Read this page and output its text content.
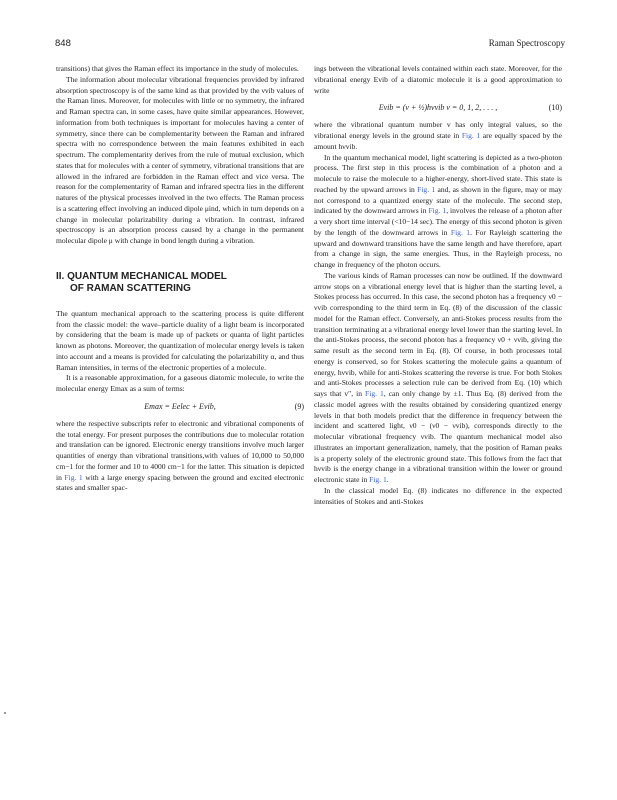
848	Raman Spectroscopy

transitions) that gives the Raman effect its importance in the study of molecules.

The information about molecular vibrational frequencies provided by infrared absorption spectroscopy is of the same kind as that provided by the νvib values of the Raman lines. Moreover, for molecules with little or no symmetry, the infrared and Raman spectra can, in some cases, have quite similar appearances. However, information from both techniques is important for molecules having a center of symmetry, since there can be complementarity between the Raman and infrared spectra with no correspondence between the main features exhibited in each spectrum. The complementarity derives from the rule of mutual exclusion, which states that for molecules with a center of symmetry, vibrational transitions that are allowed in the infrared are forbidden in the Raman effect and vice versa. The reason for the complementarity of Raman and infrared spectra lies in the different natures of the physical processes involved in the two effects. The Raman process is a scattering effect involving an induced dipole μind, which in turn depends on a change in molecular polarizability during a vibration. In contrast, infrared spectroscopy is an absorption process caused by a change in the permanent molecular dipole μ with change in bond length during a vibration.

II. QUANTUM MECHANICAL MODEL
OF RAMAN SCATTERING

The quantum mechanical approach to the scattering process is quite different from the classic model: the wave–particle duality of a light beam is incorporated by considering that the beam is made up of packets or quanta of light particles known as photons. Moreover, the quantization of molecular energy levels is taken into account and a means is provided for calculating the polarizability α, and thus Raman intensities, in terms of the electronic properties of a molecule.

It is a reasonable approximation, for a gaseous diatomic molecule, to write the molecular energy Emax as a sum of terms:

Emax = Eelec + Evib,	(9)

where the respective subscripts refer to electronic and vibrational components of the total energy. For present purposes the contributions due to molecular rotation and translation can be ignored. Electronic energy transitions involve much larger quantities of energy than vibrational transitions,with values of 10,000 to 50,000 cm−1 for the former and 10 to 4000 cm−1 for the latter. This situation is depicted in Fig. 1 with a large energy spacing between the ground and excited electronic states and smaller spac-

ings between the vibrational levels contained within each state. Moreover, for the vibrational energy Evib of a diatomic molecule it is a good approximation to write

Evib = (v + ½)hνvib v = 0, 1, 2, . . . ,	(10)

where the vibrational quantum number v has only integral values, so the vibrational energy levels in the ground state in Fig. 1 are equally spaced by the amount hνvib.

In the quantum mechanical model, light scattering is depicted as a two-photon process. The first step in this process is the combination of a photon and a molecule to raise the molecule to a higher-energy, short-lived state. This state is reached by the upward arrows in Fig. 1 and, as shown in the figure, may or may not correspond to a quantized energy state of the molecule. The second step, indicated by the downward arrows in Fig. 1, involves the release of a photon after a very short time interval (<10−14 sec). The energy of this second photon is given by the length of the downward arrows in Fig. 1. For Rayleigh scattering the upward and downward transitions have the same length and have therefore, apart from a change in sign, the same energies. Thus, in the Rayleigh process, no change in frequency of the photon occurs.

The various kinds of Raman processes can now be outlined. If the downward arrow stops on a vibrational energy level that is higher than the starting level, a Stokes process has occurred. In this case, the second photon has a frequency ν0 − νvib corresponding to the third term in Eq. (8) of the discussion of the classic model for the Raman effect. Conversely, an anti-Stokes process results from the transition terminating at a vibrational energy level lower than the starting level. In the anti-Stokes process, the second photon has a frequency ν0 + νvib, giving the same result as the second term in Eq. (8). Of course, in both processes total energy is conserved, so for Stokes scattering the molecule gains a quantum of energy, hνvib, while for anti-Stokes scattering the reverse is true. For both Stokes and anti-Stokes processes a selection rule can be derived from Eq. (10) which says that v″, in Fig. 1, can only change by ±1. Thus Eq. (8) derived from the classic model agrees with the results obtained by considering quantized energy levels in that both models predict that the difference in frequency between the incident and scattered light, ν0 − (ν0 − νvib), corresponds directly to the molecular vibrational frequency νvib. The quantum mechanical model also illustrates an important generalization, namely, that the position of Raman peaks is a property solely of the electronic ground state. This follows from the fact that hνvib is the energy change in a vibrational transition within the lower or ground electronic state in Fig. 1.

In the classical model Eq. (8) indicates no difference in the expected intensities of Stokes and anti-Stokes
